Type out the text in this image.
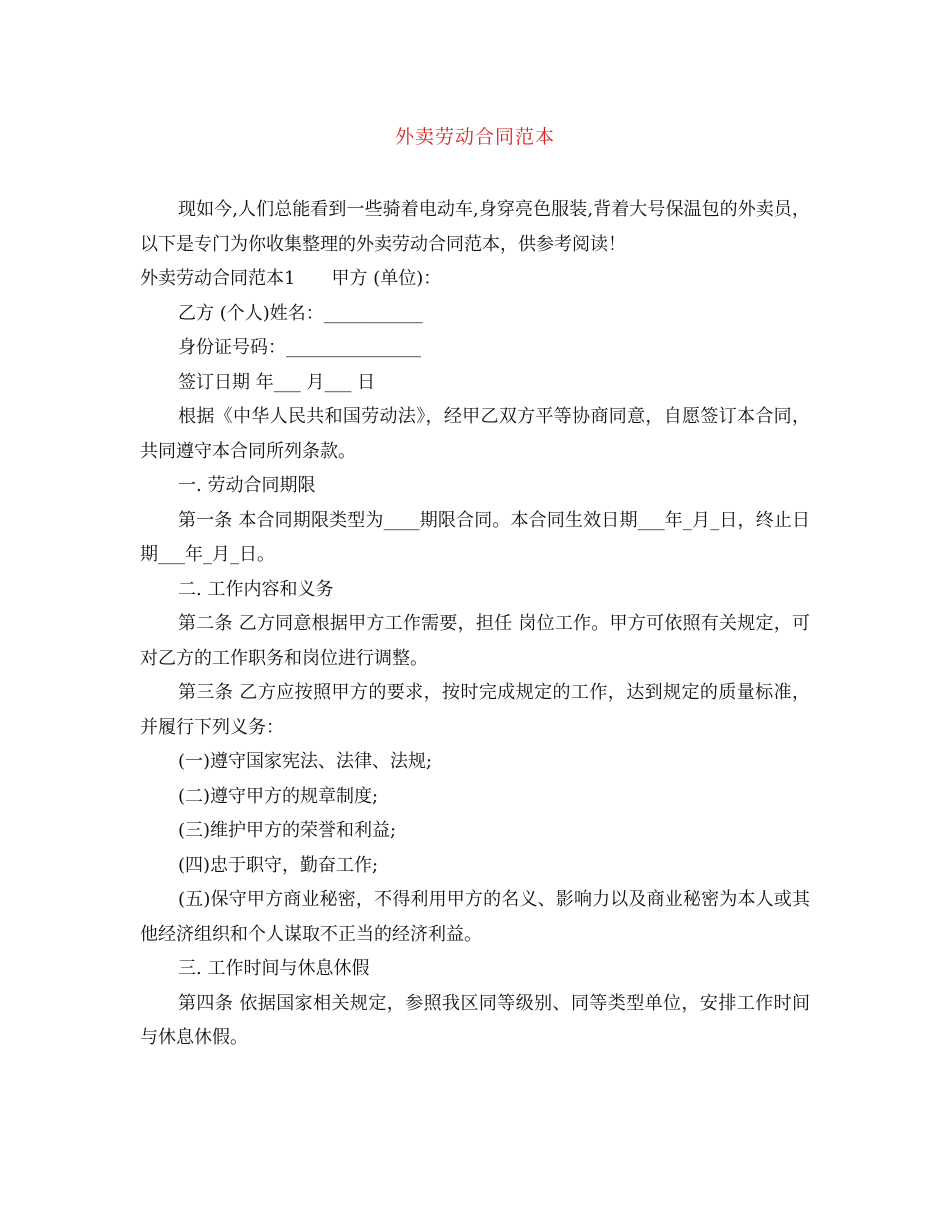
外卖劳动合同范本

现如今,人们总能看到一些骑着电动车,身穿亮色服装,背着大号保温包的外卖员，以下是专门为你收集整理的外卖劳动合同范本，供参考阅读！

外卖劳动合同范本1　　甲方 (单位)：

乙方 (个人)姓名：___________

身份证号码：_______________

签订日期 年___ 月___ 日

根据《中华人民共和国劳动法》，经甲乙双方平等协商同意，自愿签订本合同，共同遵守本合同所列条款。

一. 劳动合同期限

第一条 本合同期限类型为____期限合同。本合同生效日期___年_月_日，终止日期___年_月_日。

二. 工作内容和义务

第二条 乙方同意根据甲方工作需要，担任 岗位工作。甲方可依照有关规定，可对乙方的工作职务和岗位进行调整。

第三条 乙方应按照甲方的要求，按时完成规定的工作，达到规定的质量标准，并履行下列义务：

(一)遵守国家宪法、法律、法规;

(二)遵守甲方的规章制度;

(三)维护甲方的荣誉和利益;

(四)忠于职守，勤奋工作;

(五)保守甲方商业秘密，不得利用甲方的名义、影响力以及商业秘密为本人或其他经济组织和个人谋取不正当的经济利益。

三. 工作时间与休息休假

第四条 依据国家相关规定，参照我区同等级别、同等类型单位，安排工作时间与休息休假。
